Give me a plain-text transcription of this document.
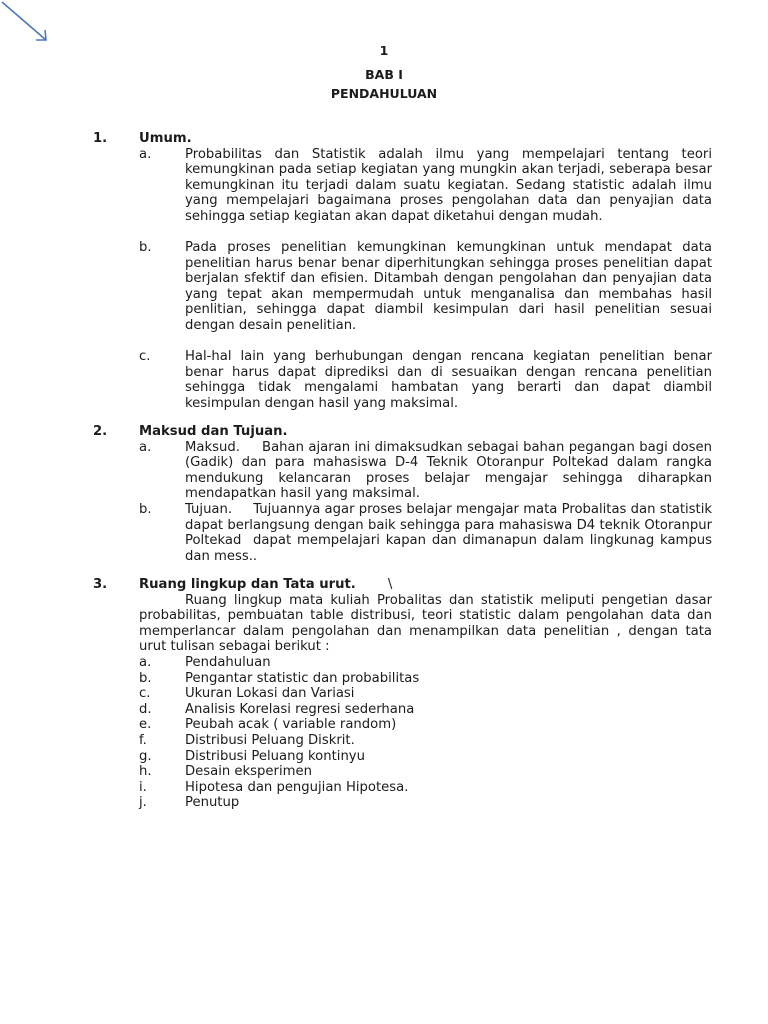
1
BAB I
PENDAHULUAN
1. Umum.
a.	Probabilitas dan Statistik adalah ilmu yang mempelajari tentang teori kemungkinan pada setiap kegiatan yang mungkin akan terjadi, seberapa besar kemungkinan itu terjadi dalam suatu kegiatan. Sedang statistic adalah ilmu yang mempelajari bagaimana proses pengolahan data dan penyajian data sehingga setiap kegiatan akan dapat diketahui dengan mudah.
b.	Pada proses penelitian kemungkinan kemungkinan untuk mendapat data penelitian harus benar benar diperhitungkan sehingga proses penelitian dapat berjalan sfektif dan efisien. Ditambah dengan pengolahan dan penyajian data yang tepat akan mempermudah untuk menganalisa dan membahas hasil penlitian, sehingga dapat diambil kesimpulan dari hasil penelitian sesuai dengan desain penelitian.
c.	Hal-hal lain yang berhubungan dengan rencana kegiatan penelitian benar benar harus dapat diprediksi dan di sesuaikan dengan rencana penelitian sehingga tidak mengalami hambatan yang berarti dan dapat diambil kesimpulan dengan hasil yang maksimal.
2. Maksud dan Tujuan.
a.	Maksud.     Bahan ajaran ini dimaksudkan sebagai bahan pegangan bagi dosen (Gadik) dan para mahasiswa D-4 Teknik Otoranpur Poltekad dalam rangka mendukung kelancaran proses belajar mengajar sehingga diharapkan mendapatkan hasil yang maksimal.
b.	Tujuan.     Tujuannya agar proses belajar mengajar mata Probalitas dan statistik dapat berlangsung dengan baik sehingga para mahasiswa D4 teknik Otoranpur Poltekad  dapat mempelajari kapan dan dimanapun dalam lingkunag kampus dan mess..
3. Ruang lingkup dan Tata urut. \
Ruang lingkup mata kuliah Probalitas dan statistik meliputi pengetian dasar probabilitas, pembuatan table distribusi, teori statistic dalam pengolahan data dan memperlancar dalam pengolahan dan menampilkan data penelitian , dengan tata urut tulisan sebagai berikut :
a.	Pendahuluan
b.	Pengantar statistic dan probabilitas
c.	Ukuran Lokasi dan Variasi
d.	Analisis Korelasi regresi sederhana
e.	Peubah acak ( variable random)
f.	Distribusi Peluang Diskrit.
g.	Distribusi Peluang kontinyu
h.	Desain eksperimen
i.	Hipotesa dan pengujian Hipotesa.
j.	Penutup
